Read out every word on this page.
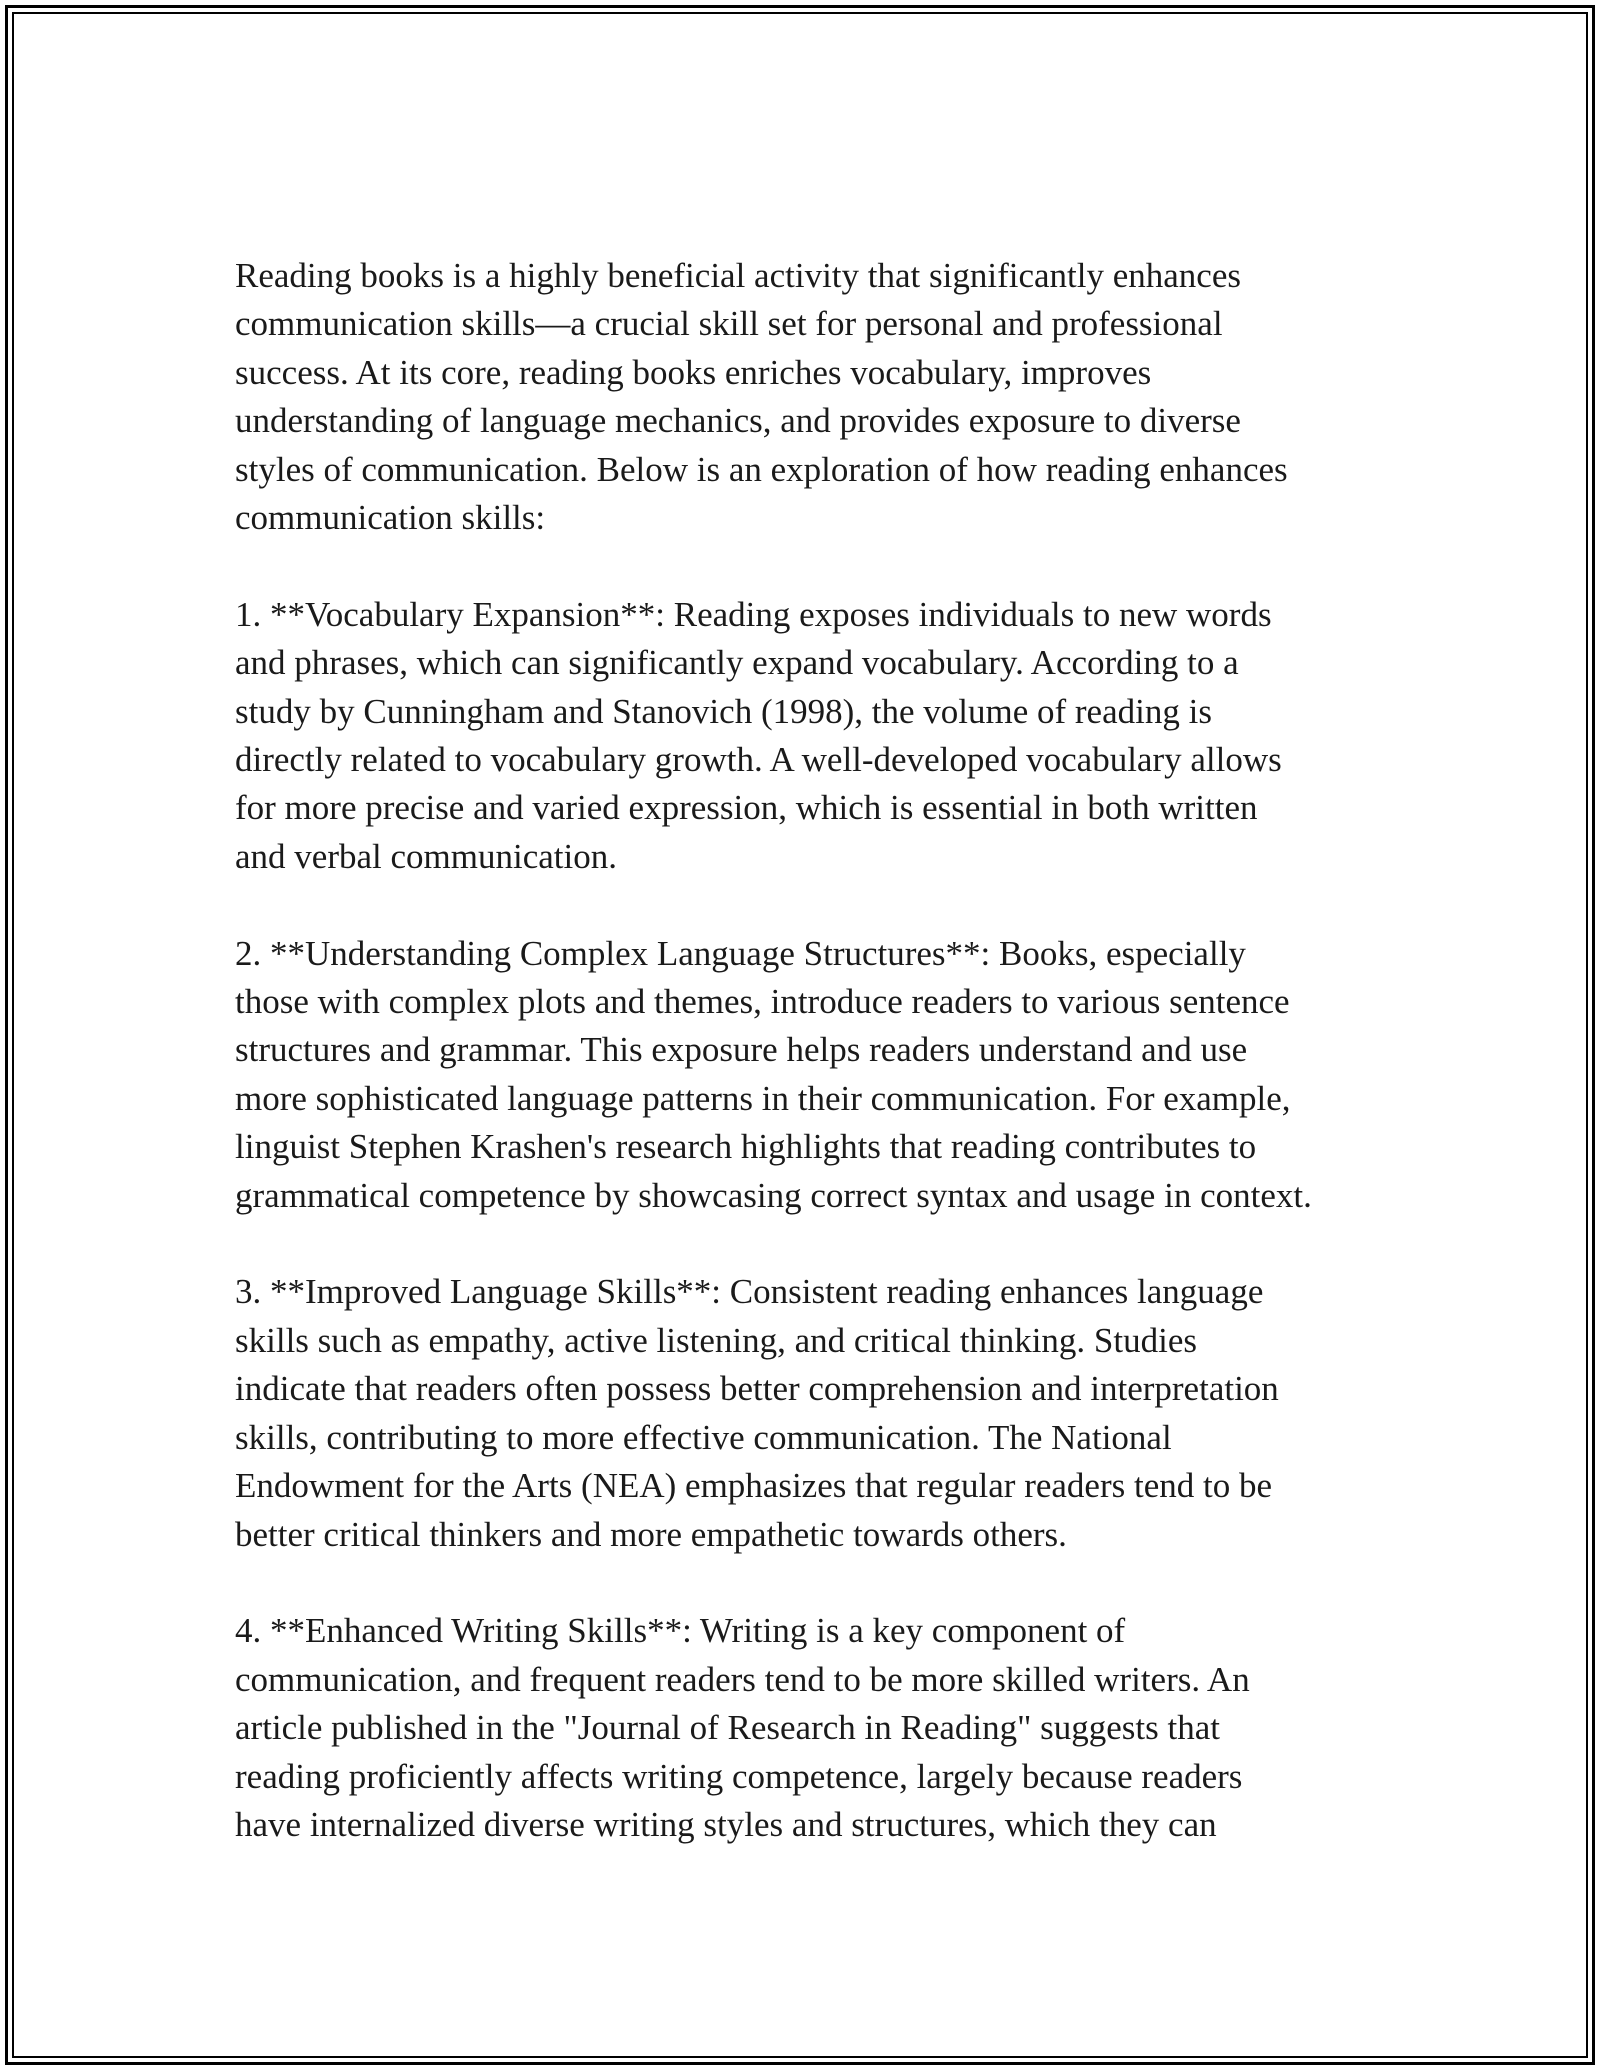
Reading books is a highly beneficial activity that significantly enhances
communication skills—a crucial skill set for personal and professional
success. At its core, reading books enriches vocabulary, improves
understanding of language mechanics, and provides exposure to diverse
styles of communication. Below is an exploration of how reading enhances
communication skills:

1. **Vocabulary Expansion**: Reading exposes individuals to new words
and phrases, which can significantly expand vocabulary. According to a
study by Cunningham and Stanovich (1998), the volume of reading is
directly related to vocabulary growth. A well-developed vocabulary allows
for more precise and varied expression, which is essential in both written
and verbal communication.

2. **Understanding Complex Language Structures**: Books, especially
those with complex plots and themes, introduce readers to various sentence
structures and grammar. This exposure helps readers understand and use
more sophisticated language patterns in their communication. For example,
linguist Stephen Krashen's research highlights that reading contributes to
grammatical competence by showcasing correct syntax and usage in context.

3. **Improved Language Skills**: Consistent reading enhances language
skills such as empathy, active listening, and critical thinking. Studies
indicate that readers often possess better comprehension and interpretation
skills, contributing to more effective communication. The National
Endowment for the Arts (NEA) emphasizes that regular readers tend to be
better critical thinkers and more empathetic towards others.

4. **Enhanced Writing Skills**: Writing is a key component of
communication, and frequent readers tend to be more skilled writers. An
article published in the "Journal of Research in Reading" suggests that
reading proficiently affects writing competence, largely because readers
have internalized diverse writing styles and structures, which they can
